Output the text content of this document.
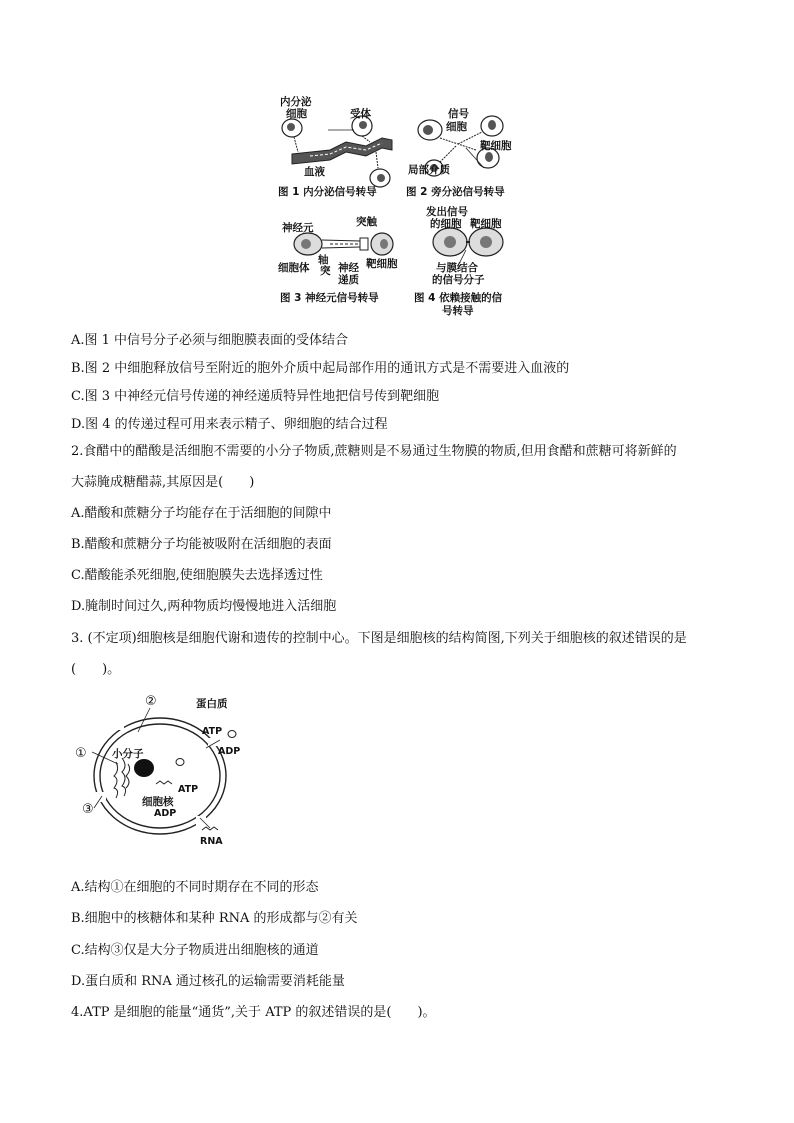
内分泌
细胞	受体
血液
图 1 内分泌信号转导
信号
细胞
靶细胞
局部介质
图 2 旁分泌信号转导
神经元	突触
细胞体
轴
突 神经
递质
靶细胞
图 3 神经元信号转导
发出信号
的细胞 靶细胞
与膜结合
的信号分子
图 4 依赖接触的信
号转导
A.图 1 中信号分子必须与细胞膜表面的受体结合
B.图 2 中细胞释放信号至附近的胞外介质中起局部作用的通讯方式是不需要进入血液的
C.图 3 中神经元信号传递的神经递质特异性地把信号传到靶细胞
D.图 4 的传递过程可用来表示精子、卵细胞的结合过程
2.食醋中的醋酸是活细胞不需要的小分子物质,蔗糖则是不易通过生物膜的物质,但用食醋和蔗糖可将新鲜的
大蒜腌成糖醋蒜,其原因是(　　)
A.醋酸和蔗糖分子均能存在于活细胞的间隙中
B.醋酸和蔗糖分子均能被吸附在活细胞的表面
C.醋酸能杀死细胞,使细胞膜失去选择透过性
D.腌制时间过久,两种物质均慢慢地进入活细胞
3. (不定项)细胞核是细胞代谢和遗传的控制中心。下图是细胞核的结构简图,下列关于细胞核的叙述错误的是
(　　)。
①
②
③
蛋白质
ATP
ADP
小分子
ATP
细胞核
ADP
RNA
A.结构①在细胞的不同时期存在不同的形态
B.细胞中的核糖体和某种 RNA 的形成都与②有关
C.结构③仅是大分子物质进出细胞核的通道
D.蛋白质和 RNA 通过核孔的运输需要消耗能量
4.ATP 是细胞的能量“通货”,关于 ATP 的叙述错误的是(　　)。
